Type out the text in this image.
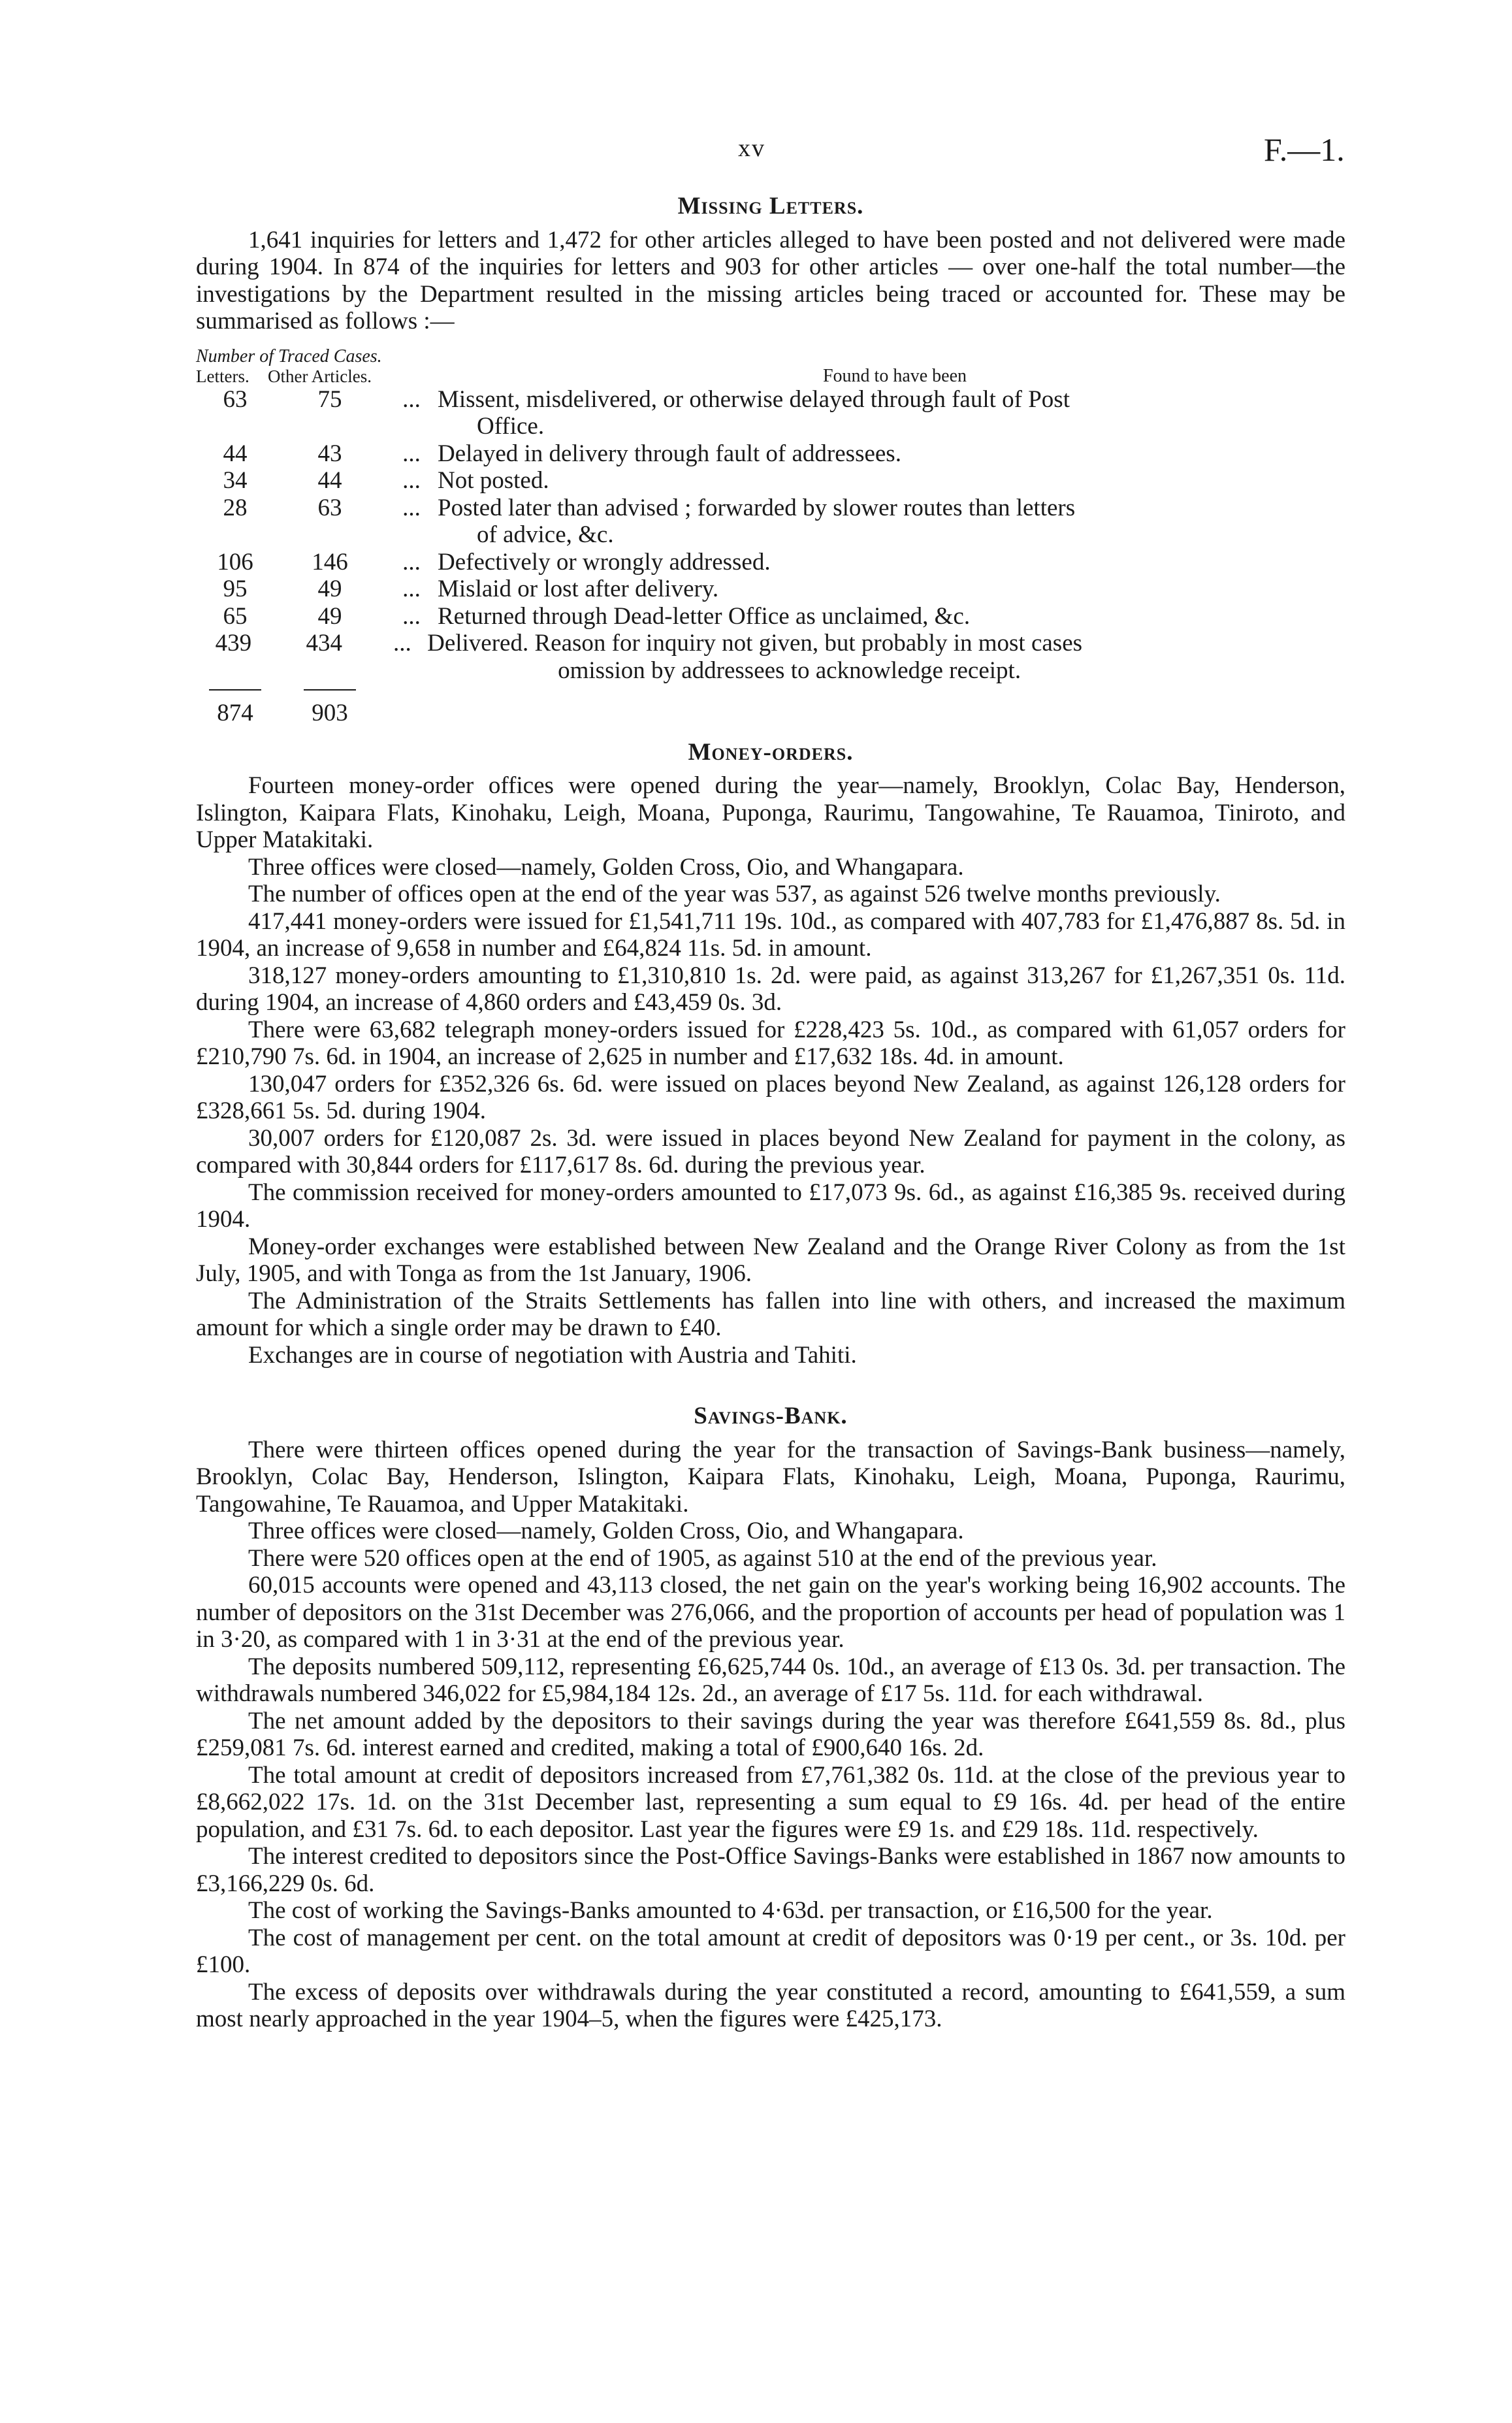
xv	F.—1.
Missing Letters.

1,641 inquiries for letters and 1,472 for other articles alleged to have been posted and not delivered were made during 1904. In 874 of the inquiries for letters and 903 for other articles — over one-half the total number—the investigations by the Department resulted in the missing articles being traced or accounted for. These may be summarised as follows :—

Number of Traced Cases.
Letters.	Other Articles.	Found to have been
63	75	... Missent, misdelivered, or otherwise delayed through fault of Post
Office.
44	43	... Delayed in delivery through fault of addressees.
34	44	... Not posted.
28	63	... Posted later than advised ; forwarded by slower routes than letters
of advice, &c.
106	146	... Defectively or wrongly addressed.
95	49	... Mislaid or lost after delivery.
65	49	... Returned through Dead-letter Office as unclaimed, &c.
439	434	... Delivered. Reason for inquiry not given, but probably in most cases
omission by addressees to acknowledge receipt.
874	903
Money-orders.

Fourteen money-order offices were opened during the year—namely, Brooklyn, Colac Bay, Henderson, Islington, Kaipara Flats, Kinohaku, Leigh, Moana, Puponga, Raurimu, Tangowahine, Te Rauamoa, Tiniroto, and Upper Matakitaki.

Three offices were closed—namely, Golden Cross, Oio, and Whangapara.

The number of offices open at the end of the year was 537, as against 526 twelve months previously.

417,441 money-orders were issued for £1,541,711 19s. 10d., as compared with 407,783 for £1,476,887 8s. 5d. in 1904, an increase of 9,658 in number and £64,824 11s. 5d. in amount.

318,127 money-orders amounting to £1,310,810 1s. 2d. were paid, as against 313,267 for £1,267,351 0s. 11d. during 1904, an increase of 4,860 orders and £43,459 0s. 3d.

There were 63,682 telegraph money-orders issued for £228,423 5s. 10d., as compared with 61,057 orders for £210,790 7s. 6d. in 1904, an increase of 2,625 in number and £17,632 18s. 4d. in amount.

130,047 orders for £352,326 6s. 6d. were issued on places beyond New Zealand, as against 126,128 orders for £328,661 5s. 5d. during 1904.

30,007 orders for £120,087 2s. 3d. were issued in places beyond New Zealand for payment in the colony, as compared with 30,844 orders for £117,617 8s. 6d. during the previous year.

The commission received for money-orders amounted to £17,073 9s. 6d., as against £16,385 9s. received during 1904.

Money-order exchanges were established between New Zealand and the Orange River Colony as from the 1st July, 1905, and with Tonga as from the 1st January, 1906.

The Administration of the Straits Settlements has fallen into line with others, and increased the maximum amount for which a single order may be drawn to £40.

Exchanges are in course of negotiation with Austria and Tahiti.

Savings-Bank.

There were thirteen offices opened during the year for the transaction of Savings-Bank business—namely, Brooklyn, Colac Bay, Henderson, Islington, Kaipara Flats, Kinohaku, Leigh, Moana, Puponga, Raurimu, Tangowahine, Te Rauamoa, and Upper Matakitaki.

Three offices were closed—namely, Golden Cross, Oio, and Whangapara.

There were 520 offices open at the end of 1905, as against 510 at the end of the previous year.

60,015 accounts were opened and 43,113 closed, the net gain on the year's working being 16,902 accounts. The number of depositors on the 31st December was 276,066, and the proportion of accounts per head of population was 1 in 3·20, as compared with 1 in 3·31 at the end of the previous year.

The deposits numbered 509,112, representing £6,625,744 0s. 10d., an average of £13 0s. 3d. per transaction. The withdrawals numbered 346,022 for £5,984,184 12s. 2d., an average of £17 5s. 11d. for each withdrawal.

The net amount added by the depositors to their savings during the year was therefore £641,559 8s. 8d., plus £259,081 7s. 6d. interest earned and credited, making a total of £900,640 16s. 2d.

The total amount at credit of depositors increased from £7,761,382 0s. 11d. at the close of the previous year to £8,662,022 17s. 1d. on the 31st December last, representing a sum equal to £9 16s. 4d. per head of the entire population, and £31 7s. 6d. to each depositor. Last year the figures were £9 1s. and £29 18s. 11d. respectively.

The interest credited to depositors since the Post-Office Savings-Banks were established in 1867 now amounts to £3,166,229 0s. 6d.

The cost of working the Savings-Banks amounted to 4·63d. per transaction, or £16,500 for the year.

The cost of management per cent. on the total amount at credit of depositors was 0·19 per cent., or 3s. 10d. per £100.

The excess of deposits over withdrawals during the year constituted a record, amounting to £641,559, a sum most nearly approached in the year 1904–5, when the figures were £425,173.
